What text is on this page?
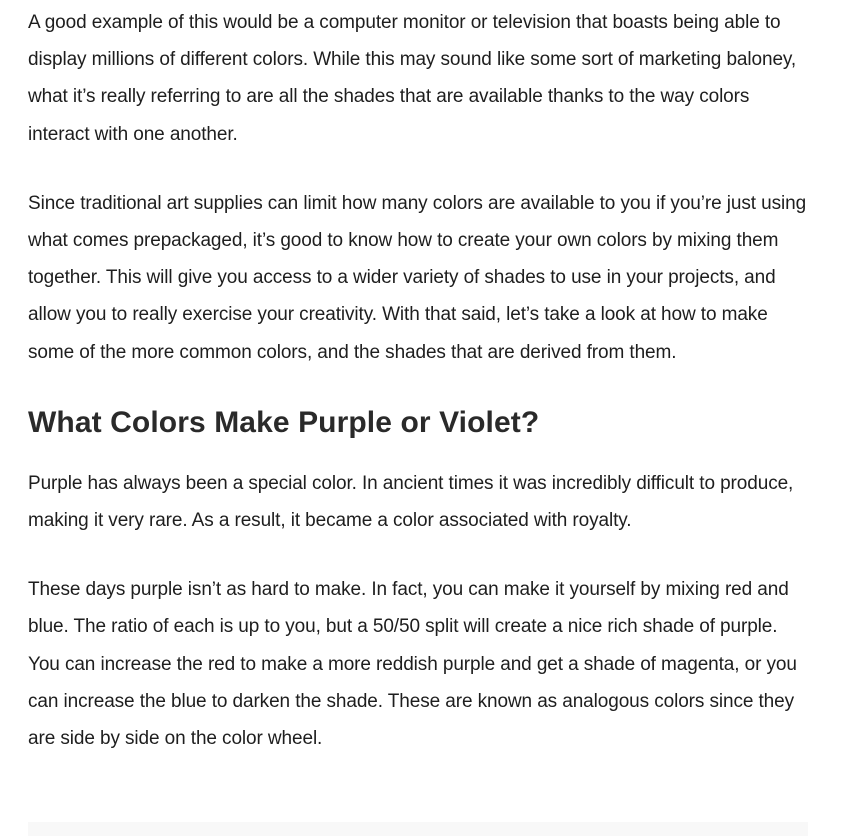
A good example of this would be a computer monitor or television that boasts being able to display millions of different colors. While this may sound like some sort of marketing baloney, what it’s really referring to are all the shades that are available thanks to the way colors interact with one another.

Since traditional art supplies can limit how many colors are available to you if you’re just using what comes prepackaged, it’s good to know how to create your own colors by mixing them together. This will give you access to a wider variety of shades to use in your projects, and allow you to really exercise your creativity. With that said, let’s take a look at how to make some of the more common colors, and the shades that are derived from them.

What Colors Make Purple or Violet?

Purple has always been a special color. In ancient times it was incredibly difficult to produce, making it very rare. As a result, it became a color associated with royalty.

These days purple isn’t as hard to make. In fact, you can make it yourself by mixing red and blue. The ratio of each is up to you, but a 50/50 split will create a nice rich shade of purple. You can increase the red to make a more reddish purple and get a shade of magenta, or you can increase the blue to darken the shade. These are known as analogous colors since they are side by side on the color wheel.
